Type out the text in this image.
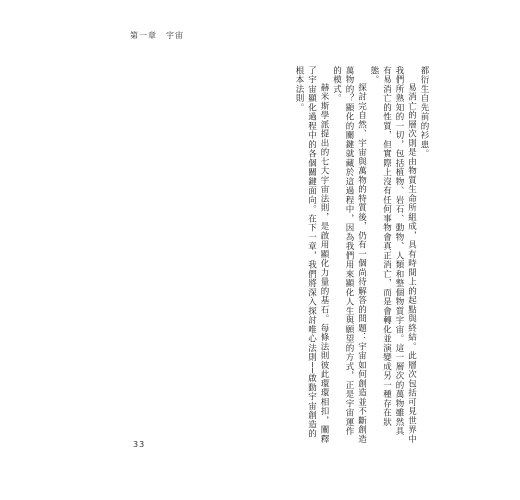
第一章　宇宙

都衍生自先前的衫患。

易消亡的層次則是由物質生命所組成，具有時間上的起點與終結。此層次包括可見世界中我們所熟知的一切，包括植物、岩石、動物、人類和整個物質宇宙。這一層次的萬物雖然具有易消亡的性質，但實際上沒有任何事物會真正消亡，而是會轉化並演變成另一種存在狀態。

探討完自然、宇宙與萬物的特質後，仍有一個尚待解答的問題：宇宙如何創造並不斷創造萬物的？顯化的關鍵就藏於這過程中，因為我們用來顯化人生與願望的方式，正是宇宙運作的模式。

赫米斯學派提出的七大宇宙法則，是啟用顯化力量的基石。每條法則彼此環環相扣，闡釋了宇宙顯化過程中的各個關鍵面向。在下一章，我們將深入探討唯心法則──啟動宇宙創造的根本法則。

33
